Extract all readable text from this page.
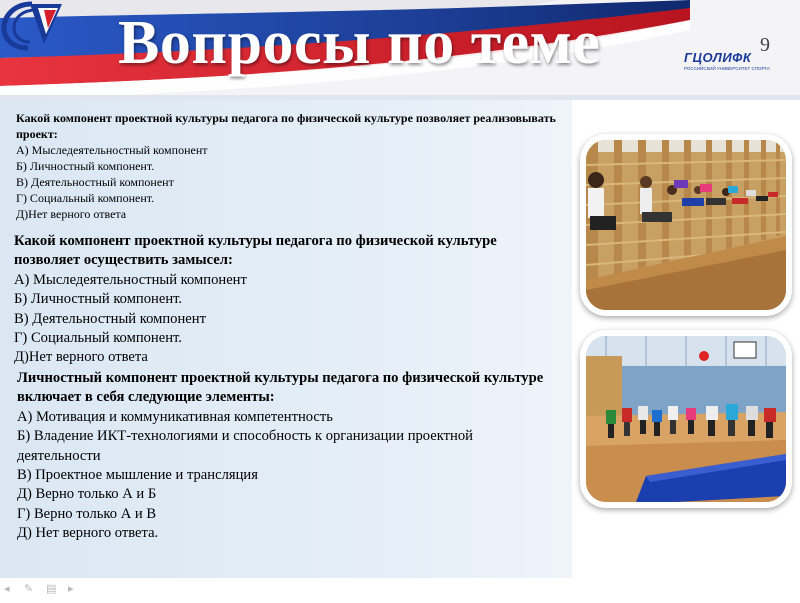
Вопросы по теме	ГЦОЛИФК
РОССИЙСКИЙ УНИВЕРСИТЕТ СПОРТА
9
Какой компонент проектной культуры педагога по физической культуре позволяет реализовывать проект:
А) Мыследеятельностный компонент
Б) Личностный компонент.
В) Деятельностный компонент
Г) Социальный компонент.
Д)Нет верного ответа
Какой компонент проектной культуры педагога по физической культуре позволяет осуществить замысел:
А) Мыследеятельностный компонент
Б) Личностный компонент.
В) Деятельностный компонент
Г) Социальный компонент.
Д)Нет верного ответа
Личностный компонент проектной культуры педагога по физической культуре включает в себя следующие элементы:
А) Мотивация и коммуникативная компетентность
Б) Владение ИКТ-технологиями и способность к организации проектной деятельности
В) Проектное мышление и трансляция
Д) Верно только А и Б
Г) Верно только А и В
Д) Нет верного ответа.
◂ ✎ ▤ ▸
